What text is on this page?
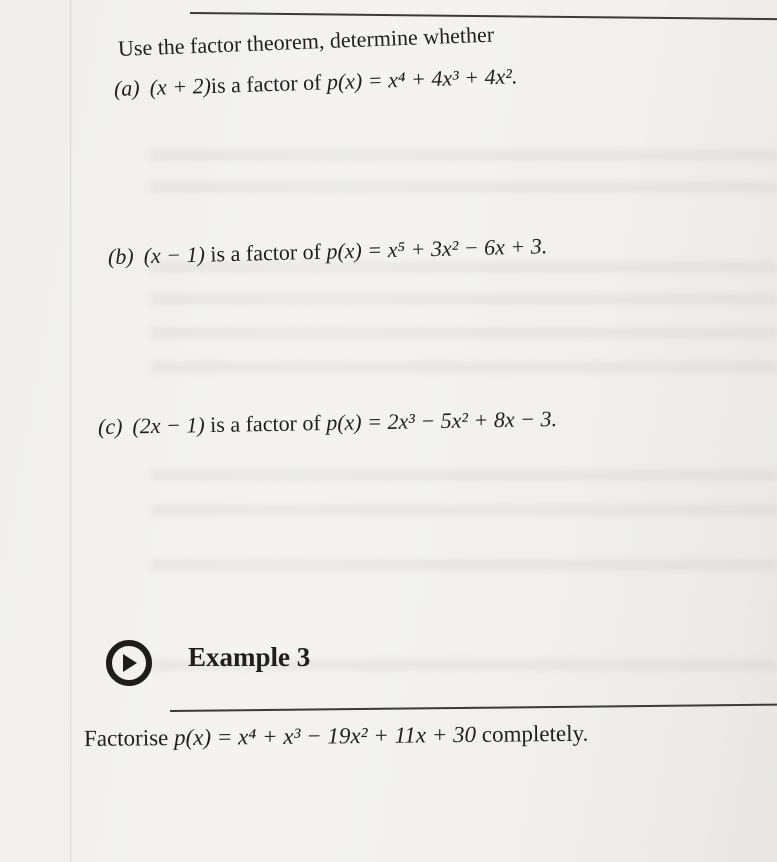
Use the factor theorem, determine whether
(a) (x + 2)is a factor of p(x) = x⁴ + 4x³ + 4x².
(b) (x − 1) is a factor of p(x) = x⁵ + 3x² − 6x + 3.
(c) (2x − 1) is a factor of p(x) = 2x³ − 5x² + 8x − 3.
Example 3
Factorise p(x) = x⁴ + x³ − 19x² + 11x + 30 completely.
